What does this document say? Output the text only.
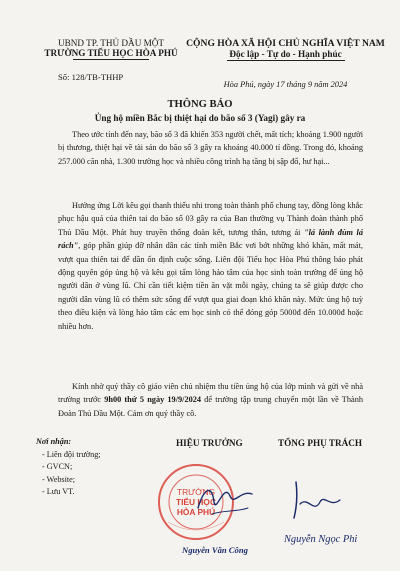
UBND TP. THỦ DẦU MỘT
TRƯỜNG TIỂU HỌC HÒA PHÚ
Số: 128/TB-THHP
CỘNG HÒA XÃ HỘI CHỦ NGHĨA VIỆT NAM
Độc lập - Tự do - Hạnh phúc
Hòa Phú, ngày 17 tháng 9 năm 2024
THÔNG BÁO
Ủng hộ miền Bắc bị thiệt hại do bão số 3 (Yagi) gây ra
Theo ước tính đến nay, bão số 3 đã khiến 353 người chết, mất tích; khoảng 1.900 người bị thương, thiệt hại về tài sản do bão số 3 gây ra khoảng 40.000 tỉ đồng. Trong đó, khoảng 257.000 căn nhà, 1.300 trường học và nhiều công trình hạ tầng bị sập đổ, hư hại...
Hưởng ứng Lời kêu gọi thanh thiếu nhi trong toàn thành phố chung tay, đồng lòng khắc phục hậu quả của thiên tai do bão số 03 gây ra của Ban thường vụ Thành đoàn thành phố Thủ Dầu Một. Phát huy truyền thống đoàn kết, tương thân, tương ái "lá lành đùm lá rách", góp phần giúp đỡ nhân dân các tỉnh miền Bắc vơi bớt những khó khăn, mất mát, vượt qua thiên tai để dần ổn định cuộc sống. Liên đội Tiểu học Hòa Phú thông báo phát động quyên góp ủng hộ và kêu gọi tấm lòng hảo tâm của học sinh toàn trường để ủng hộ người dân ở vùng lũ. Chỉ cần tiết kiệm tiền ăn vặt mỗi ngày, chúng ta sẽ giúp được cho người dân vùng lũ có thêm sức sống để vượt qua giai đoạn khó khăn này. Mức ủng hộ tuỳ theo điều kiện và lòng hảo tâm các em học sinh có thể đóng góp 5000đ đến 10.000đ hoặc nhiều hơn.
Kính nhờ quý thầy cô giáo viên chủ nhiệm thu tiền ủng hộ của lớp mình và gửi về nhà trường trước 9h00 thứ 5 ngày 19/9/2024 để trường tập trung chuyển một lần về Thành Đoàn Thủ Dầu Một. Cảm ơn quý thầy cô.
Nơi nhận:
- Liên đội trường;
- GVCN;
- Website;
- Lưu VT.
HIỆU TRƯỞNG	TỔNG PHỤ TRÁCH
TRƯỜNG
TIỂU HỌC
HÒA PHÚ
Nguyễn Văn Công
Nguyễn Ngọc Phi
